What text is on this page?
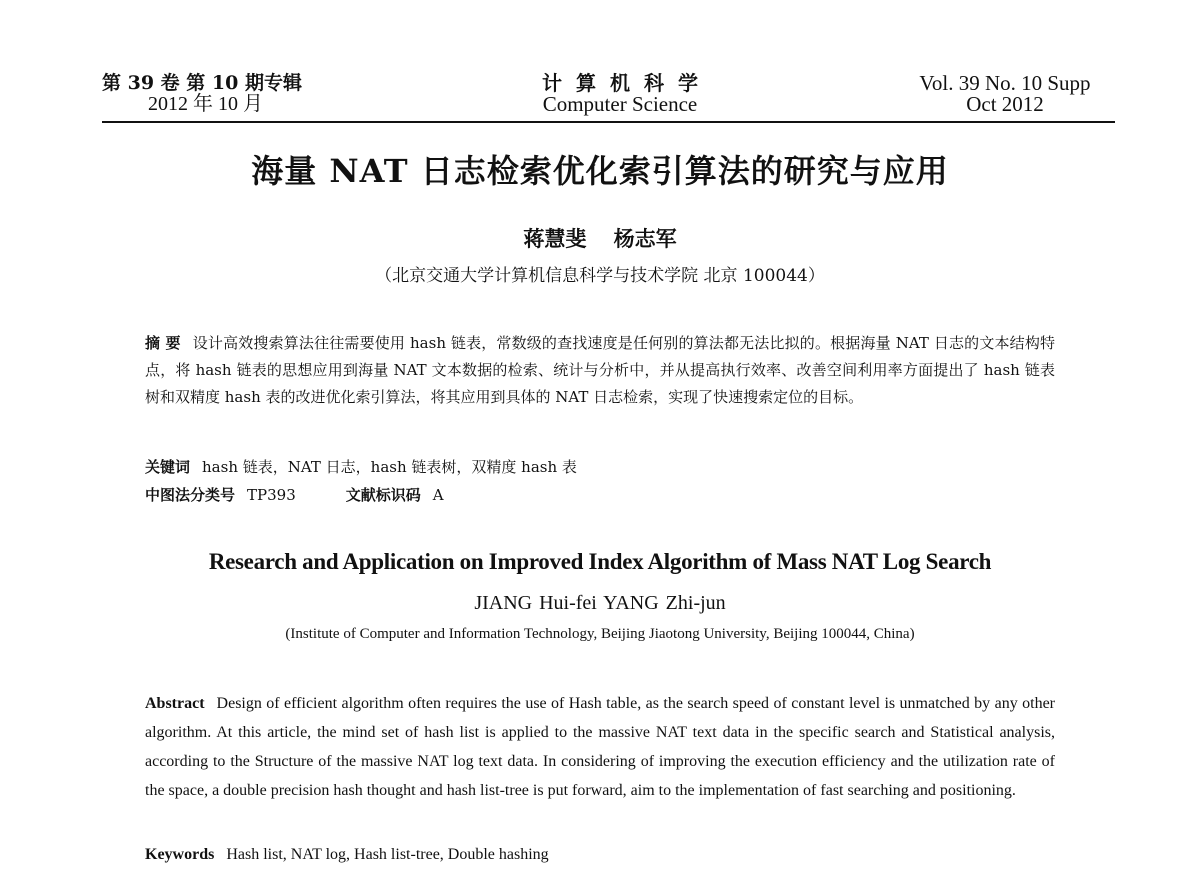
第 39 卷 第 10 期专辑
2012 年 10 月
计算机科学
Computer Science
Vol. 39 No. 10 Supp
Oct 2012
海量 NAT 日志检索优化索引算法的研究与应用
蒋慧斐 杨志军
（北京交通大学计算机信息科学与技术学院 北京 100044）
摘 要 设计高效搜索算法往往需要使用 hash 链表，常数级的查找速度是任何别的算法都无法比拟的。根据海量 NAT 日志的文本结构特点，将 hash 链表的思想应用到海量 NAT 文本数据的检索、统计与分析中，并从提高执行效率、改善空间利用率方面提出了 hash 链表树和双精度 hash 表的改进优化索引算法，将其应用到具体的 NAT 日志检索，实现了快速搜索定位的目标。
关键词 hash 链表，NAT 日志，hash 链表树，双精度 hash 表
中图法分类号 TP393	文献标识码 A
Research and Application on Improved Index Algorithm of Mass NAT Log Search
JIANG Hui-fei YANG Zhi-jun
(Institute of Computer and Information Technology, Beijing Jiaotong University, Beijing 100044, China)
Abstract Design of efficient algorithm often requires the use of Hash table, as the search speed of constant level is unmatched by any other algorithm. At this article, the mind set of hash list is applied to the massive NAT text data in the specific search and Statistical analysis, according to the Structure of the massive NAT log text data. In considering of improving the execution efficiency and the utilization rate of the space, a double precision hash thought and hash list-tree is put forward, aim to the implementation of fast searching and positioning.
Keywords Hash list, NAT log, Hash list-tree, Double hashing
